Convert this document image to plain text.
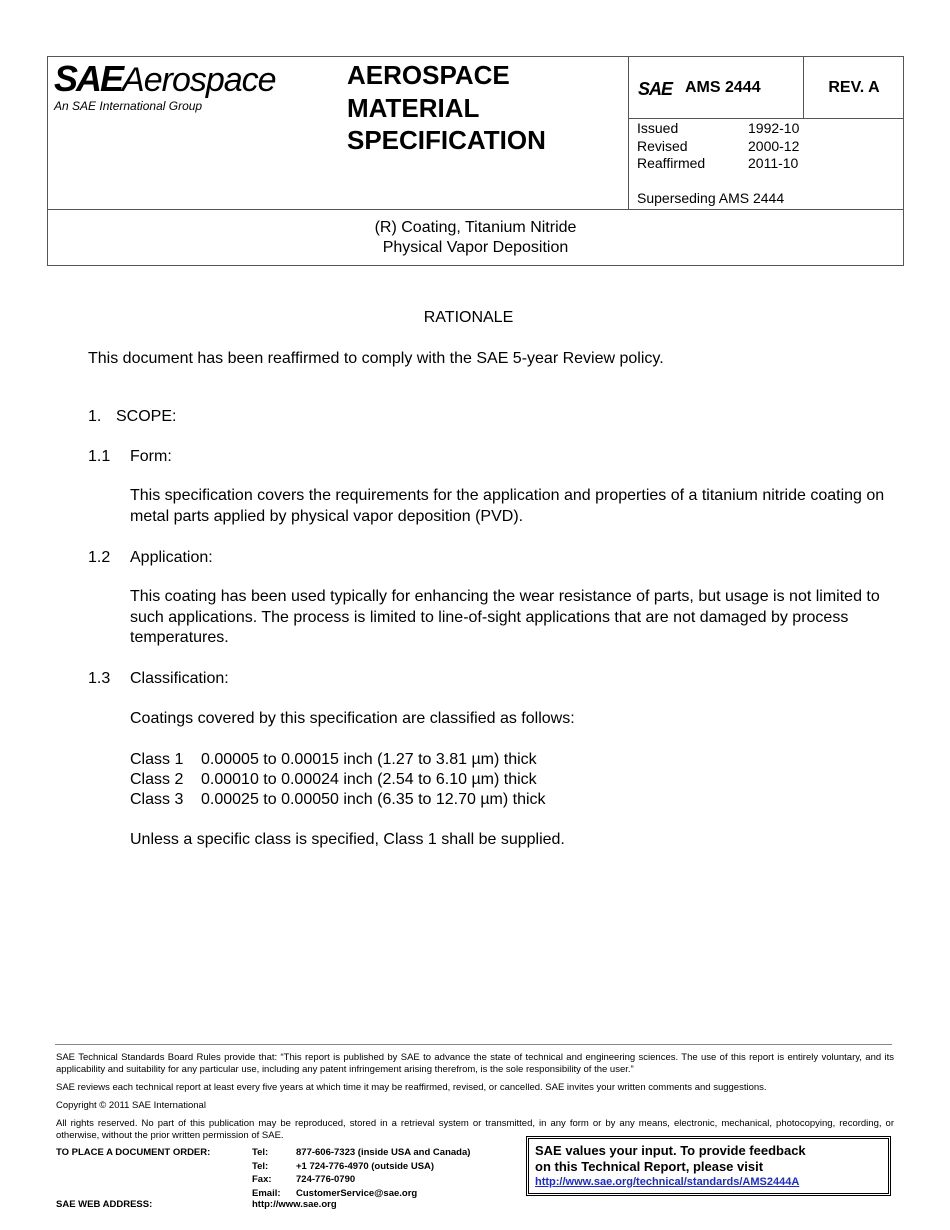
SAEAerospace
An SAE International Group
AEROSPACE
MATERIAL
SPECIFICATION
SAE AMS 2444	REV. A
Issued	1992-10
Revised	2000-12
Reaffirmed	2011-10
Superseding AMS 2444
(R) Coating, Titanium Nitride
Physical Vapor Deposition
RATIONALE
This document has been reaffirmed to comply with the SAE 5-year Review policy.
1. SCOPE:
1.1 Form:
This specification covers the requirements for the application and properties of a titanium nitride coating on metal parts applied by physical vapor deposition (PVD).
1.2 Application:
This coating has been used typically for enhancing the wear resistance of parts, but usage is not limited to such applications. The process is limited to line-of-sight applications that are not damaged by process temperatures.
1.3 Classification:
Coatings covered by this specification are classified as follows:
Class 1	0.00005 to 0.00015 inch (1.27 to 3.81 µm) thick
Class 2	0.00010 to 0.00024 inch (2.54 to 6.10 µm) thick
Class 3	0.00025 to 0.00050 inch (6.35 to 12.70 µm) thick
Unless a specific class is specified, Class 1 shall be supplied.
SAE Technical Standards Board Rules provide that: “This report is published by SAE to advance the state of technical and engineering sciences. The use of this report is entirely voluntary, and its applicability and suitability for any particular use, including any patent infringement arising therefrom, is the sole responsibility of the user.”
SAE reviews each technical report at least every five years at which time it may be reaffirmed, revised, or cancelled. SAE invites your written comments and suggestions.
Copyright © 2011 SAE International
All rights reserved. No part of this publication may be reproduced, stored in a retrieval system or transmitted, in any form or by any means, electronic, mechanical, photocopying, recording, or otherwise, without the prior written permission of SAE.
TO PLACE A DOCUMENT ORDER:	Tel:	877-606-7323 (inside USA and Canada)
Tel:	+1 724-776-4970 (outside USA)
Fax:	724-776-0790
Email:	CustomerService@sae.org
SAE WEB ADDRESS:	http://www.sae.org
SAE values your input. To provide feedback
on this Technical Report, please visit
http://www.sae.org/technical/standards/AMS2444A
